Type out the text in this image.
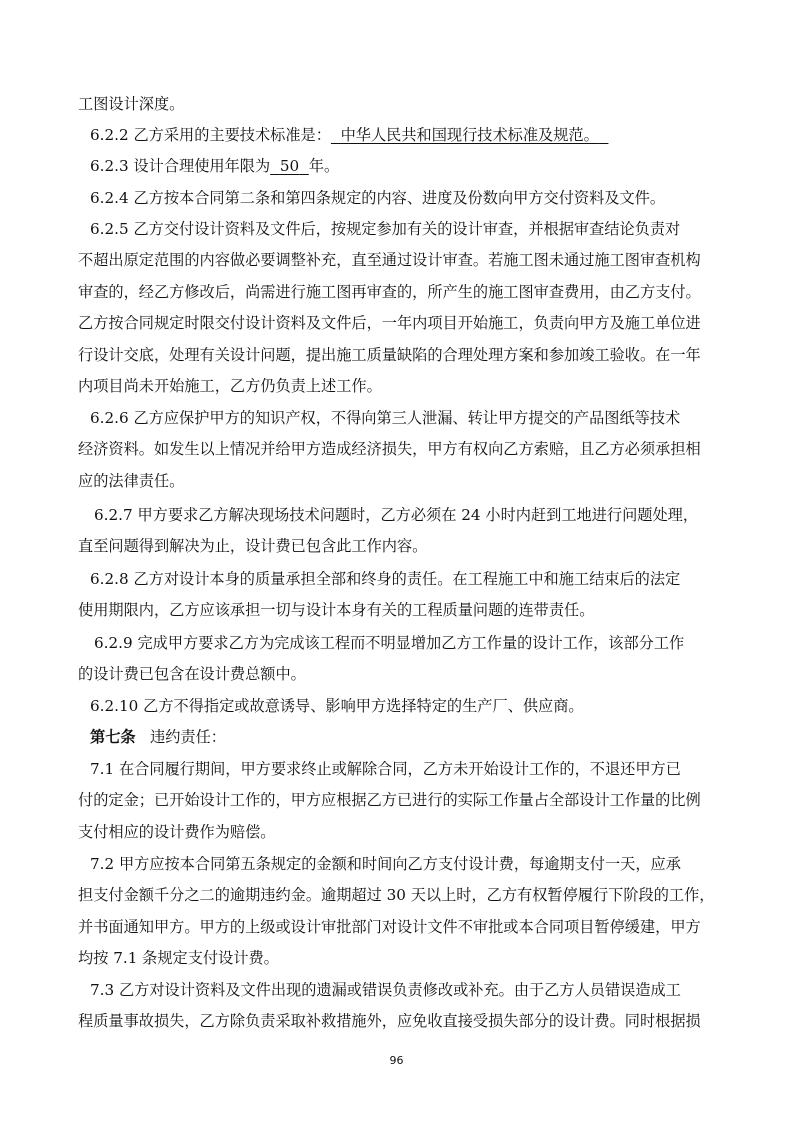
工图设计深度。

6.2.2 乙方采用的主要技术标准是： 中华人民共和国现行技术标准及规范。

6.2.3 设计合理使用年限为 50 年。

6.2.4 乙方按本合同第二条和第四条规定的内容、进度及份数向甲方交付资料及文件。

6.2.5 乙方交付设计资料及文件后，按规定参加有关的设计审查，并根据审查结论负责对

不超出原定范围的内容做必要调整补充，直至通过设计审查。若施工图未通过施工图审查机构

审查的，经乙方修改后，尚需进行施工图再审查的，所产生的施工图审查费用，由乙方支付。

乙方按合同规定时限交付设计资料及文件后，一年内项目开始施工，负责向甲方及施工单位进

行设计交底，处理有关设计问题，提出施工质量缺陷的合理处理方案和参加竣工验收。在一年

内项目尚未开始施工，乙方仍负责上述工作。

6.2.6 乙方应保护甲方的知识产权，不得向第三人泄漏、转让甲方提交的产品图纸等技术

经济资料。如发生以上情况并给甲方造成经济损失，甲方有权向乙方索赔，且乙方必须承担相

应的法律责任。

6.2.7 甲方要求乙方解决现场技术问题时，乙方必须在 24 小时内赶到工地进行问题处理，

直至问题得到解决为止，设计费已包含此工作内容。

6.2.8 乙方对设计本身的质量承担全部和终身的责任。在工程施工中和施工结束后的法定

使用期限内，乙方应该承担一切与设计本身有关的工程质量问题的连带责任。

6.2.9 完成甲方要求乙方为完成该工程而不明显增加乙方工作量的设计工作，该部分工作

的设计费已包含在设计费总额中。

6.2.10 乙方不得指定或故意诱导、影响甲方选择特定的生产厂、供应商。

第七条 违约责任：

7.1 在合同履行期间，甲方要求终止或解除合同，乙方未开始设计工作的，不退还甲方已

付的定金；已开始设计工作的，甲方应根据乙方已进行的实际工作量占全部设计工作量的比例

支付相应的设计费作为赔偿。

7.2 甲方应按本合同第五条规定的金额和时间向乙方支付设计费，每逾期支付一天，应承

担支付金额千分之二的逾期违约金。逾期超过 30 天以上时，乙方有权暂停履行下阶段的工作，

并书面通知甲方。甲方的上级或设计审批部门对设计文件不审批或本合同项目暂停缓建，甲方

均按 7.1 条规定支付设计费。

7.3 乙方对设计资料及文件出现的遗漏或错误负责修改或补充。由于乙方人员错误造成工

程质量事故损失，乙方除负责采取补救措施外，应免收直接受损失部分的设计费。同时根据损

96
